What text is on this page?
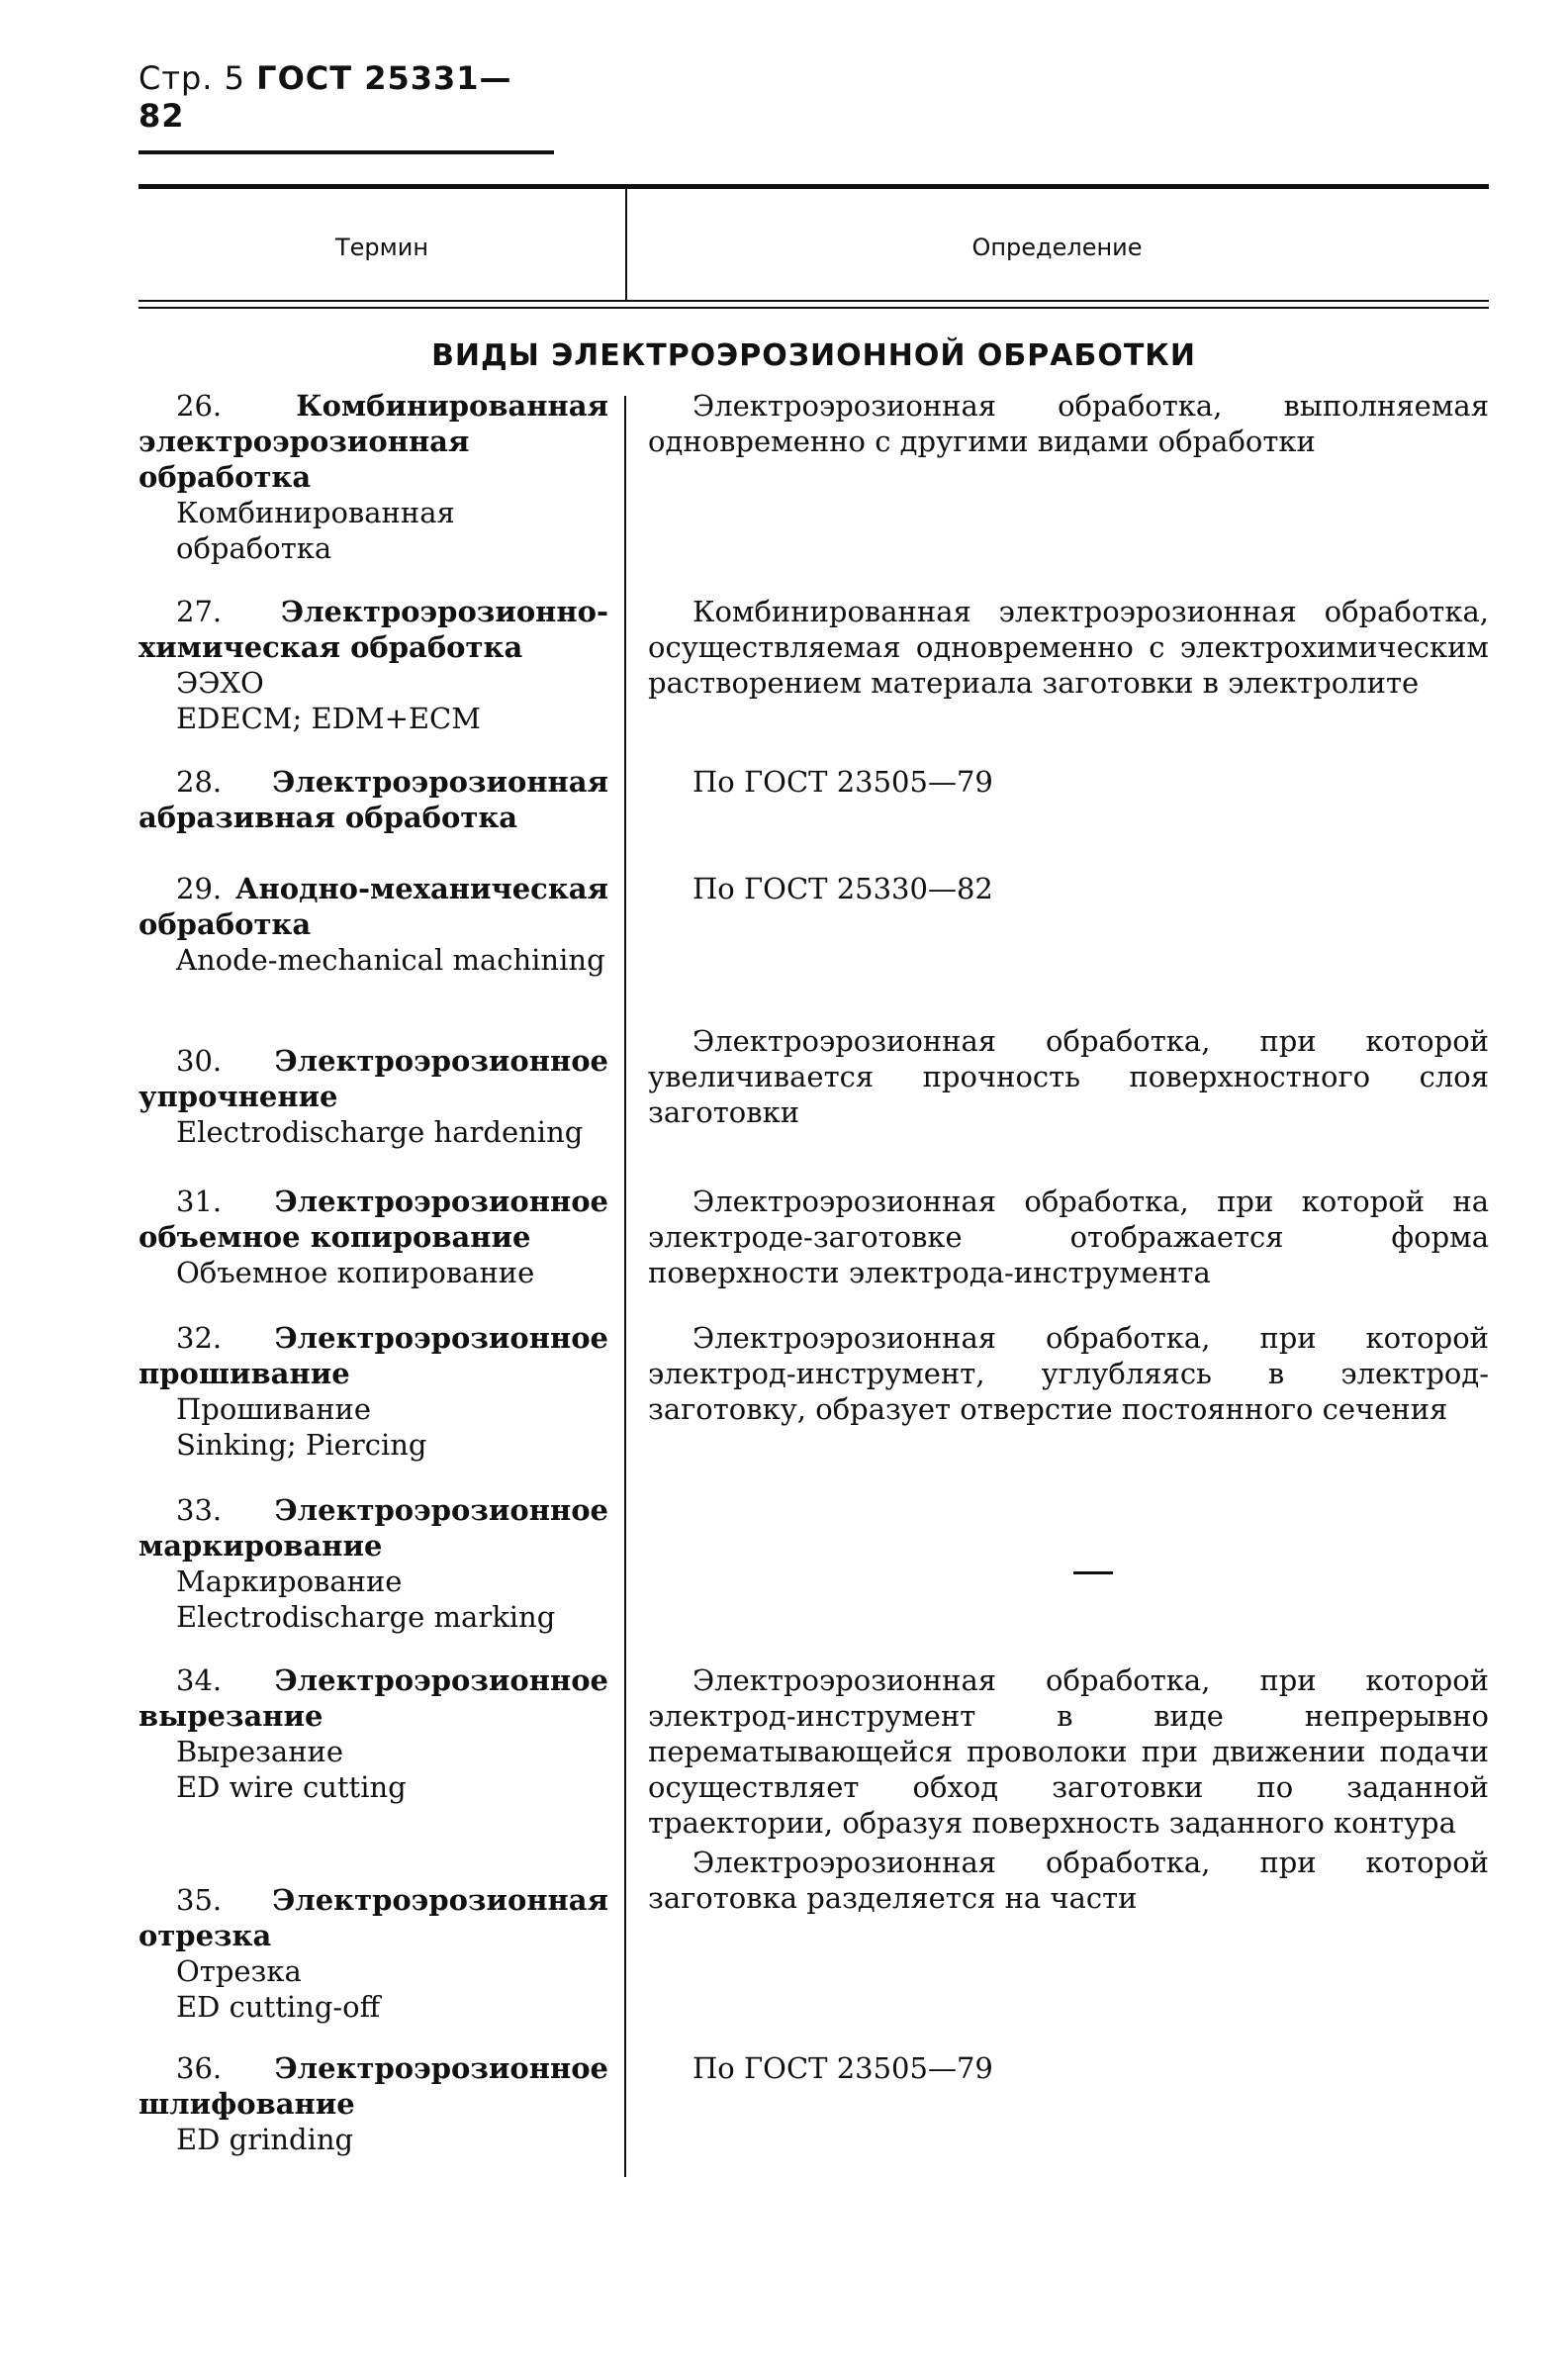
Стр. 5 ГОСТ 25331—82
Термин	Определение
ВИДЫ ЭЛЕКТРОЭРОЗИОННОЙ ОБРАБОТКИ
26.	Комбинированная электроэрозионная обработка
Комбинированная обработка
Электроэрозионная обработка, выполняемая одновременно с другими видами обработки
27. Электроэрозионно-химическая обработка
ЭЭХО
EDECM; EDM+ECM
Комбинированная электроэрозионная обработка, осуществляемая одновременно с электрохимическим растворением материала заготовки в электролите
28. Электроэрозионная абразивная обработка
По ГОСТ 23505—79
29. Анодно-механическая обработка
Anode-mechanical machining
По ГОСТ 25330—82
30. Электроэрозионное упрочнение
Electrodischarge hardening
Электроэрозионная обработка, при которой увеличивается прочность поверхностного слоя заготовки
31. Электроэрозионное объемное копирование
Объемное копирование
Электроэрозионная обработка, при которой на электроде-заготовке отображается форма поверхности электрода-инструмента
32. Электроэрозионное прошивание
Прошивание
Sinking; Piercing
Электроэрозионная обработка, при которой электрод-инструмент, углубляясь в электрод-заготовку, образует отверстие постоянного сечения
33. Электроэрозионное маркирование
Маркирование
Electrodischarge marking
34. Электроэрозионное вырезание
Вырезание
ED wire cutting
Электроэрозионная обработка, при которой электрод-инструмент в виде непрерывно перематывающейся проволоки при движении подачи осуществляет обход заготовки по заданной траектории, образуя поверхность заданного контура
35. Электроэрозионная отрезка
Отрезка
ED cutting-off
Электроэрозионная обработка, при которой заготовка разделяется на части
36. Электроэрозионное шлифование
ED grinding
По ГОСТ 23505—79
